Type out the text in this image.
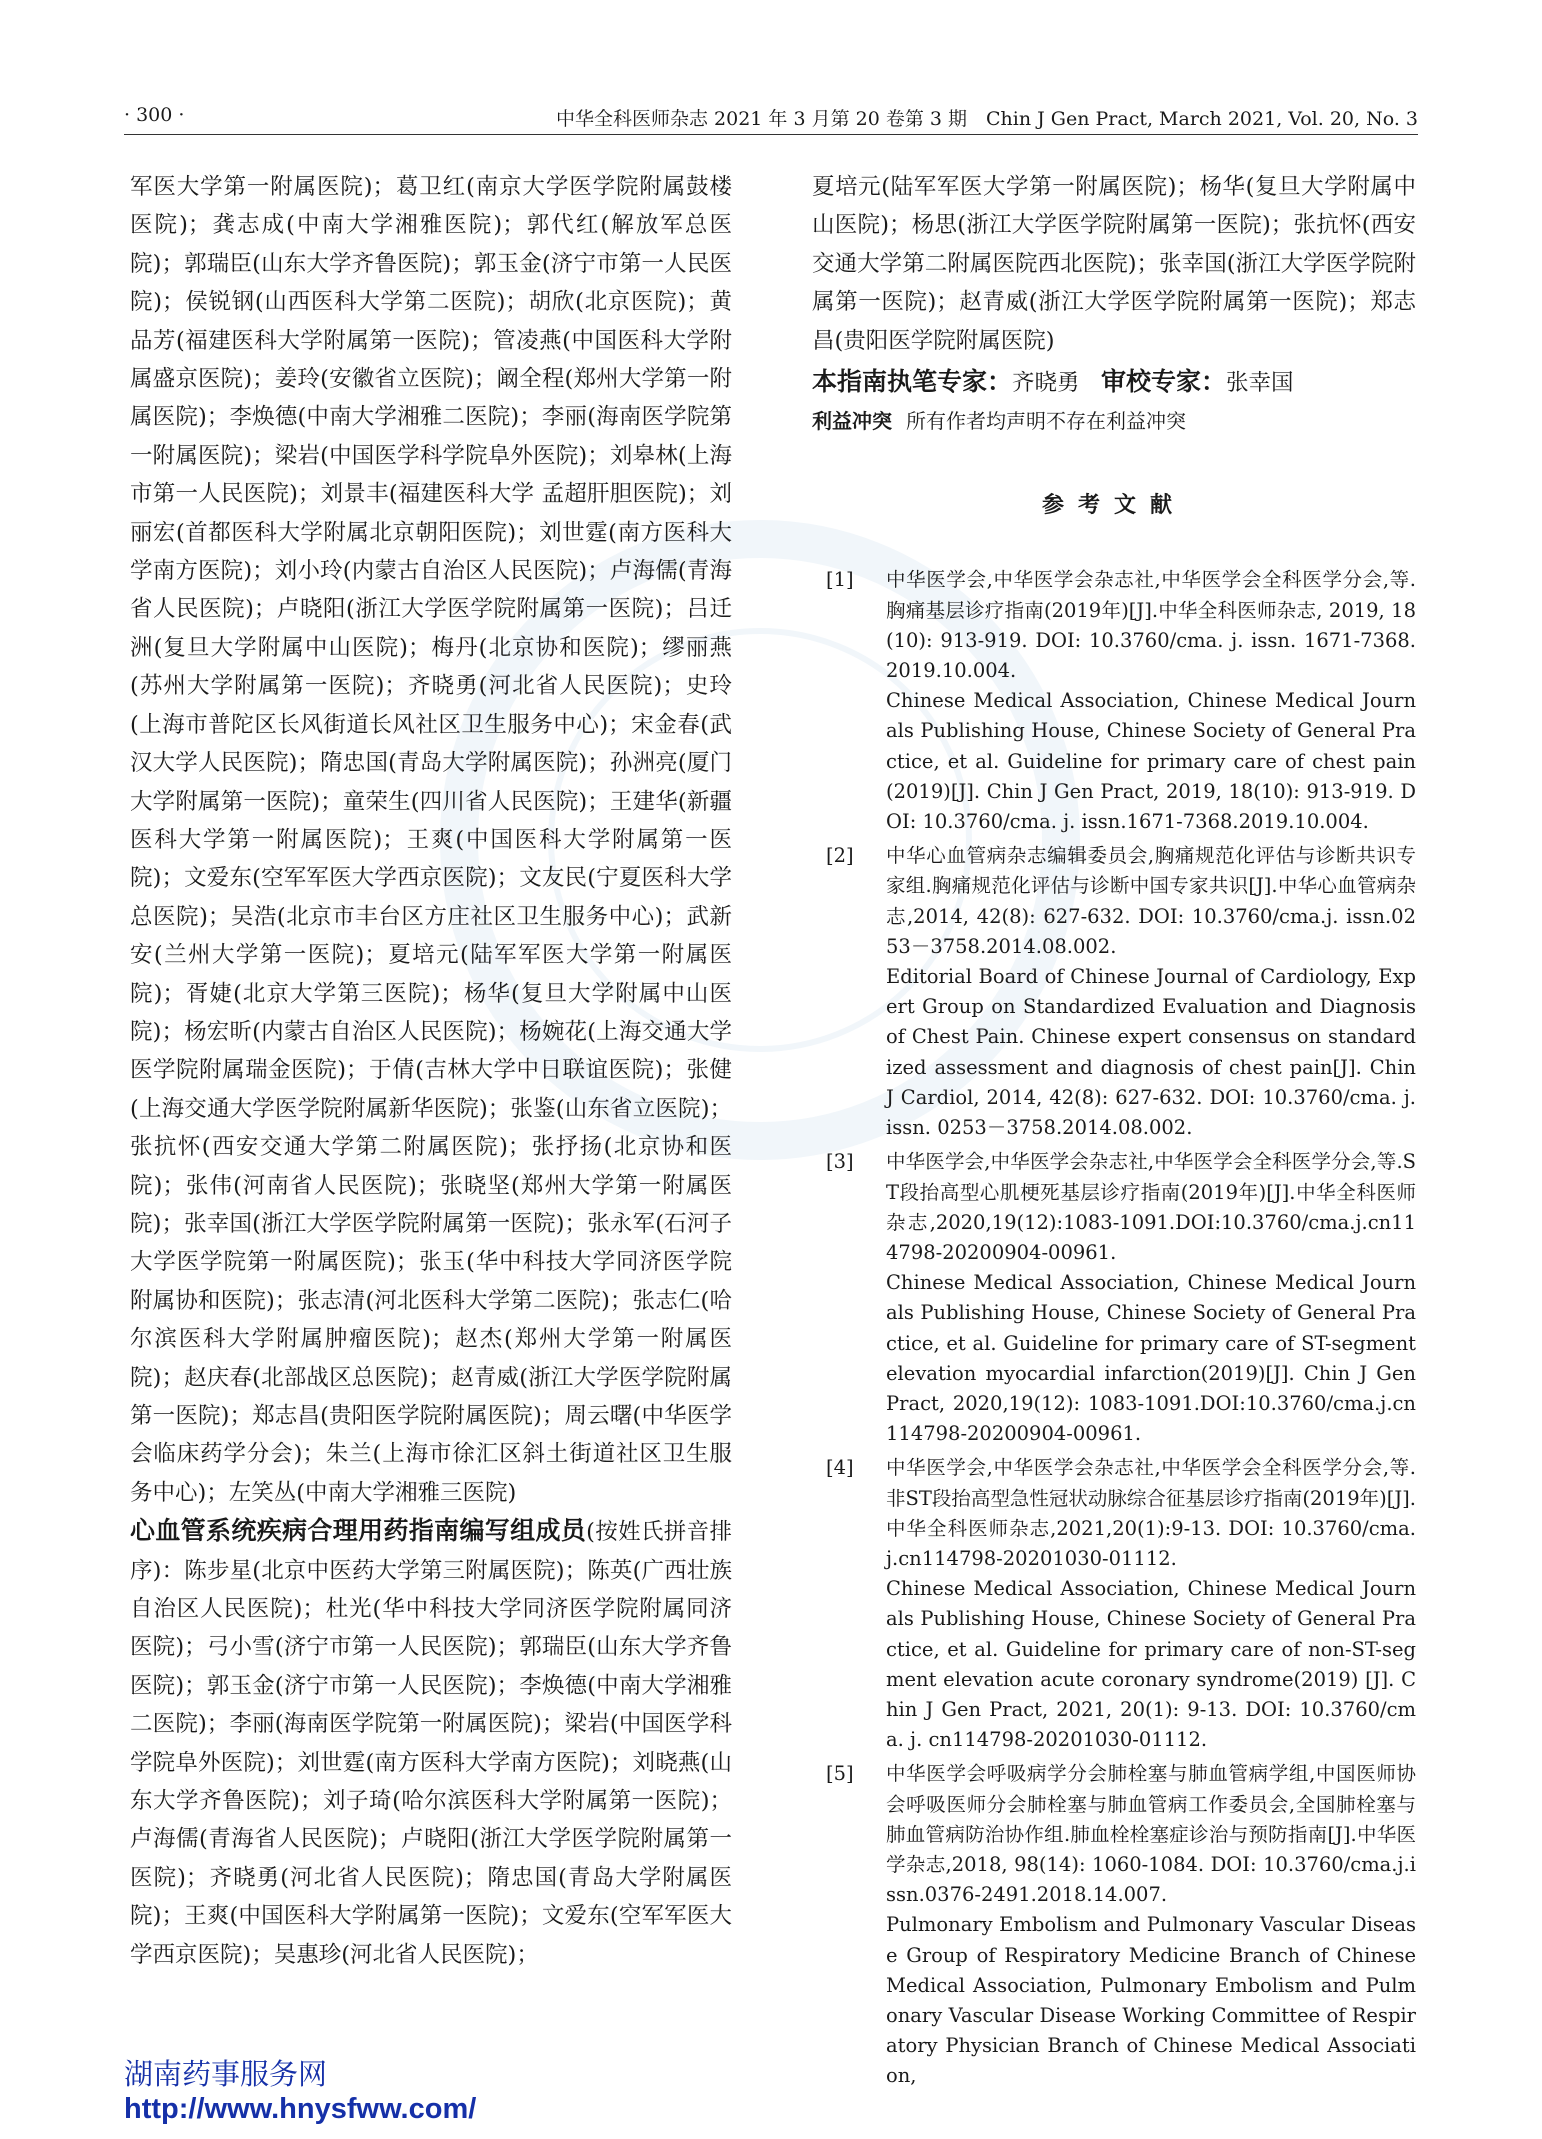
· 300 ·	中华全科医师杂志 2021 年 3 月第 20 卷第 3 期　Chin J Gen Pract, March 2021, Vol. 20, No. 3
军医大学第一附属医院)；葛卫红(南京大学医学院附属鼓楼医院)；龚志成(中南大学湘雅医院)；郭代红(解放军总医院)；郭瑞臣(山东大学齐鲁医院)；郭玉金(济宁市第一人民医院)；侯锐钢(山西医科大学第二医院)；胡欣(北京医院)；黄品芳(福建医科大学附属第一医院)；管凌燕(中国医科大学附属盛京医院)；姜玲(安徽省立医院)；阚全程(郑州大学第一附属医院)；李焕德(中南大学湘雅二医院)；李丽(海南医学院第一附属医院)；梁岩(中国医学科学院阜外医院)；刘皋林(上海市第一人民医院)；刘景丰(福建医科大学 孟超肝胆医院)；刘丽宏(首都医科大学附属北京朝阳医院)；刘世霆(南方医科大学南方医院)；刘小玲(内蒙古自治区人民医院)；卢海儒(青海省人民医院)；卢晓阳(浙江大学医学院附属第一医院)；吕迁洲(复旦大学附属中山医院)；梅丹(北京协和医院)；缪丽燕(苏州大学附属第一医院)；齐晓勇(河北省人民医院)；史玲(上海市普陀区长风街道长风社区卫生服务中心)；宋金春(武汉大学人民医院)；隋忠国(青岛大学附属医院)；孙洲亮(厦门大学附属第一医院)；童荣生(四川省人民医院)；王建华(新疆医科大学第一附属医院)；王爽(中国医科大学附属第一医院)；文爱东(空军军医大学西京医院)；文友民(宁夏医科大学总医院)；吴浩(北京市丰台区方庄社区卫生服务中心)；武新安(兰州大学第一医院)；夏培元(陆军军医大学第一附属医院)；胥婕(北京大学第三医院)；杨华(复旦大学附属中山医院)；杨宏昕(内蒙古自治区人民医院)；杨婉花(上海交通大学医学院附属瑞金医院)；于倩(吉林大学中日联谊医院)；张健(上海交通大学医学院附属新华医院)；张鉴(山东省立医院)；张抗怀(西安交通大学第二附属医院)；张抒扬(北京协和医院)；张伟(河南省人民医院)；张晓坚(郑州大学第一附属医院)；张幸国(浙江大学医学院附属第一医院)；张永军(石河子大学医学院第一附属医院)；张玉(华中科技大学同济医学院附属协和医院)；张志清(河北医科大学第二医院)；张志仁(哈尔滨医科大学附属肿瘤医院)；赵杰(郑州大学第一附属医院)；赵庆春(北部战区总医院)；赵青威(浙江大学医学院附属第一医院)；郑志昌(贵阳医学院附属医院)；周云曙(中华医学会临床药学分会)；朱兰(上海市徐汇区斜土街道社区卫生服务中心)；左笑丛(中南大学湘雅三医院)
心血管系统疾病合理用药指南编写组成员(按姓氏拼音排序)：陈步星(北京中医药大学第三附属医院)；陈英(广西壮族自治区人民医院)；杜光(华中科技大学同济医学院附属同济医院)；弓小雪(济宁市第一人民医院)；郭瑞臣(山东大学齐鲁医院)；郭玉金(济宁市第一人民医院)；李焕德(中南大学湘雅二医院)；李丽(海南医学院第一附属医院)；梁岩(中国医学科学院阜外医院)；刘世霆(南方医科大学南方医院)；刘晓燕(山东大学齐鲁医院)；刘子琦(哈尔滨医科大学附属第一医院)；卢海儒(青海省人民医院)；卢晓阳(浙江大学医学院附属第一医院)；齐晓勇(河北省人民医院)；隋忠国(青岛大学附属医院)；王爽(中国医科大学附属第一医院)；文爱东(空军军医大学西京医院)；吴惠珍(河北省人民医院)；
夏培元(陆军军医大学第一附属医院)；杨华(复旦大学附属中山医院)；杨思(浙江大学医学院附属第一医院)；张抗怀(西安交通大学第二附属医院西北医院)；张幸国(浙江大学医学院附属第一医院)；赵青威(浙江大学医学院附属第一医院)；郑志昌(贵阳医学院附属医院)
本指南执笔专家：齐晓勇 审校专家：张幸国
利益冲突 所有作者均声明不存在利益冲突
参考文献
[1] 中华医学会,中华医学会杂志社,中华医学会全科医学分会,等.胸痛基层诊疗指南(2019年)[J].中华全科医师杂志, 2019, 18(10): 913-919. DOI: 10.3760/cma. j. issn. 1671-7368.2019.10.004.
Chinese Medical Association, Chinese Medical Journals Publishing House, Chinese Society of General Practice, et al. Guideline for primary care of chest pain(2019)[J]. Chin J Gen Pract, 2019, 18(10): 913-919. DOI: 10.3760/cma. j. issn.1671-7368.2019.10.004.
[2] 中华心血管病杂志编辑委员会,胸痛规范化评估与诊断共识专家组.胸痛规范化评估与诊断中国专家共识[J].中华心血管病杂志,2014, 42(8): 627-632. DOI: 10.3760/cma.j. issn.0253－3758.2014.08.002.
Editorial Board of Chinese Journal of Cardiology, Expert Group on Standardized Evaluation and Diagnosis of Chest Pain. Chinese expert consensus on standardized assessment and diagnosis of chest pain[J]. Chin J Cardiol, 2014, 42(8): 627-632. DOI: 10.3760/cma. j. issn. 0253－3758.2014.08.002.
[3] 中华医学会,中华医学会杂志社,中华医学会全科医学分会,等.ST段抬高型心肌梗死基层诊疗指南(2019年)[J].中华全科医师杂志,2020,19(12):1083-1091.DOI:10.3760/cma.j.cn114798-20200904-00961.
Chinese Medical Association, Chinese Medical Journals Publishing House, Chinese Society of General Practice, et al. Guideline for primary care of ST-segment elevation myocardial infarction(2019)[J]. Chin J Gen Pract, 2020,19(12): 1083-1091.DOI:10.3760/cma.j.cn114798-20200904-00961.
[4] 中华医学会,中华医学会杂志社,中华医学会全科医学分会,等.非ST段抬高型急性冠状动脉综合征基层诊疗指南(2019年)[J].中华全科医师杂志,2021,20(1):9-13. DOI: 10.3760/cma.j.cn114798-20201030-01112.
Chinese Medical Association, Chinese Medical Journals Publishing House, Chinese Society of General Practice, et al. Guideline for primary care of non-ST-segment elevation acute coronary syndrome(2019) [J]. Chin J Gen Pract, 2021, 20(1): 9-13. DOI: 10.3760/cma. j. cn114798-20201030-01112.
[5] 中华医学会呼吸病学分会肺栓塞与肺血管病学组,中国医师协会呼吸医师分会肺栓塞与肺血管病工作委员会,全国肺栓塞与肺血管病防治协作组.肺血栓栓塞症诊治与预防指南[J].中华医学杂志,2018, 98(14): 1060-1084. DOI: 10.3760/cma.j.issn.0376-2491.2018.14.007.
Pulmonary Embolism and Pulmonary Vascular Disease Group of Respiratory Medicine Branch of Chinese Medical Association, Pulmonary Embolism and Pulmonary Vascular Disease Working Committee of Respiratory Physician Branch of Chinese Medical Association,
湖南药事服务网
http://www.hnysfww.com/
